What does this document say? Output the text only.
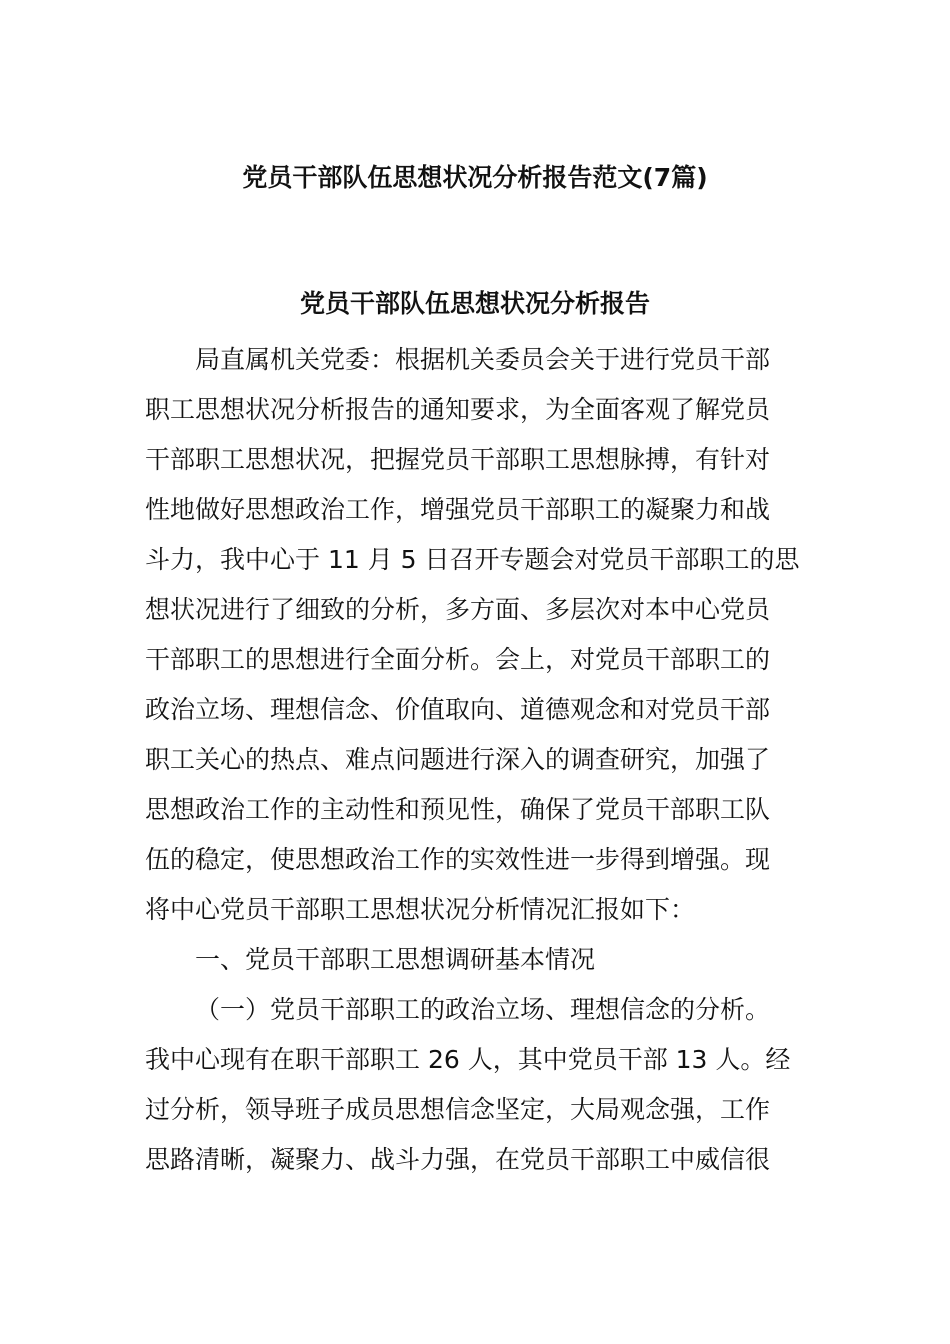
党员干部队伍思想状况分析报告范文(7篇)
党员干部队伍思想状况分析报告
局直属机关党委：根据机关委员会关于进行党员干部
职工思想状况分析报告的通知要求，为全面客观了解党员
干部职工思想状况，把握党员干部职工思想脉搏，有针对
性地做好思想政治工作，增强党员干部职工的凝聚力和战
斗力，我中心于 11 月 5 日召开专题会对党员干部职工的思
想状况进行了细致的分析，多方面、多层次对本中心党员
干部职工的思想进行全面分析。会上，对党员干部职工的
政治立场、理想信念、价值取向、道德观念和对党员干部
职工关心的热点、难点问题进行深入的调查研究，加强了
思想政治工作的主动性和预见性，确保了党员干部职工队
伍的稳定，使思想政治工作的实效性进一步得到增强。现
将中心党员干部职工思想状况分析情况汇报如下：
一、党员干部职工思想调研基本情况
（一）党员干部职工的政治立场、理想信念的分析。
我中心现有在职干部职工 26 人，其中党员干部 13 人。经
过分析，领导班子成员思想信念坚定，大局观念强，工作
思路清晰，凝聚力、战斗力强，在党员干部职工中威信很
